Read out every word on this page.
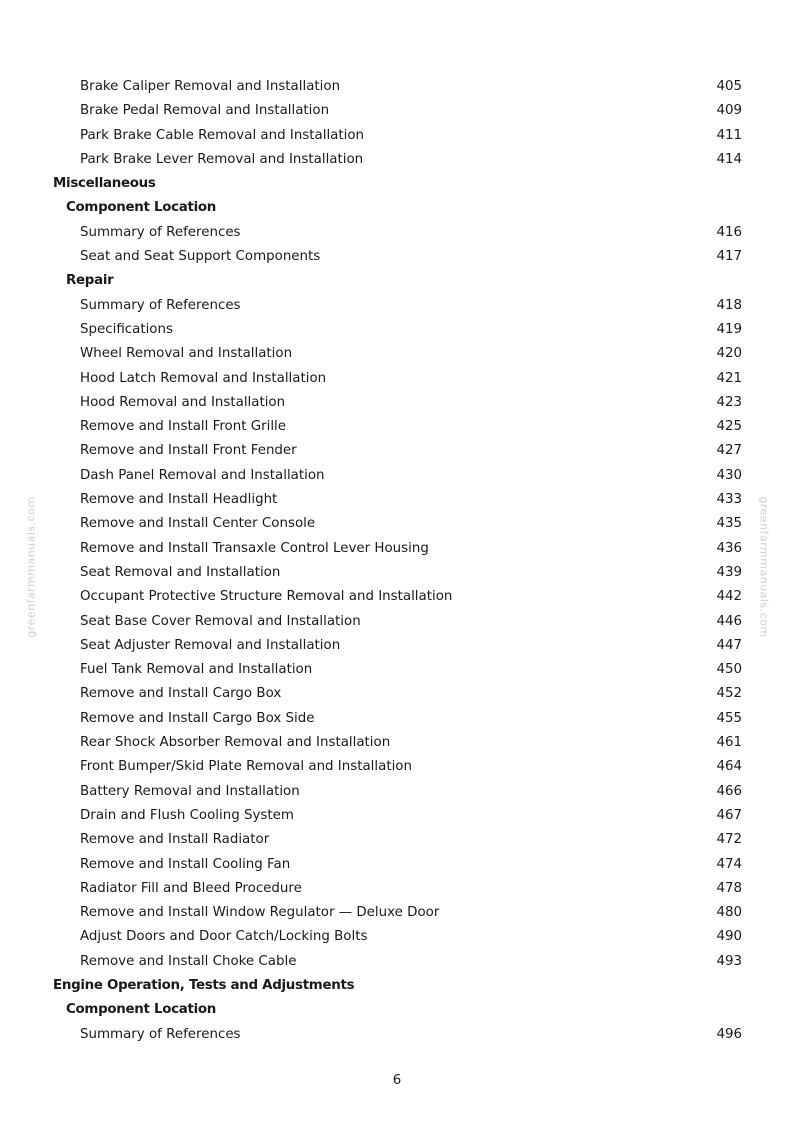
greenfarmmanuals.com	greenfarmmanuals.com
Brake Caliper Removal and Installation	405
Brake Pedal Removal and Installation	409
Park Brake Cable Removal and Installation	411
Park Brake Lever Removal and Installation	414
Miscellaneous
Component Location
Summary of References	416
Seat and Seat Support Components	417
Repair
Summary of References	418
Specifications	419
Wheel Removal and Installation	420
Hood Latch Removal and Installation	421
Hood Removal and Installation	423
Remove and Install Front Grille	425
Remove and Install Front Fender	427
Dash Panel Removal and Installation	430
Remove and Install Headlight	433
Remove and Install Center Console	435
Remove and Install Transaxle Control Lever Housing	436
Seat Removal and Installation	439
Occupant Protective Structure Removal and Installation	442
Seat Base Cover Removal and Installation	446
Seat Adjuster Removal and Installation	447
Fuel Tank Removal and Installation	450
Remove and Install Cargo Box	452
Remove and Install Cargo Box Side	455
Rear Shock Absorber Removal and Installation	461
Front Bumper/Skid Plate Removal and Installation	464
Battery Removal and Installation	466
Drain and Flush Cooling System	467
Remove and Install Radiator	472
Remove and Install Cooling Fan	474
Radiator Fill and Bleed Procedure	478
Remove and Install Window Regulator — Deluxe Door	480
Adjust Doors and Door Catch/Locking Bolts	490
Remove and Install Choke Cable	493
Engine Operation, Tests and Adjustments
Component Location
Summary of References	496
6
